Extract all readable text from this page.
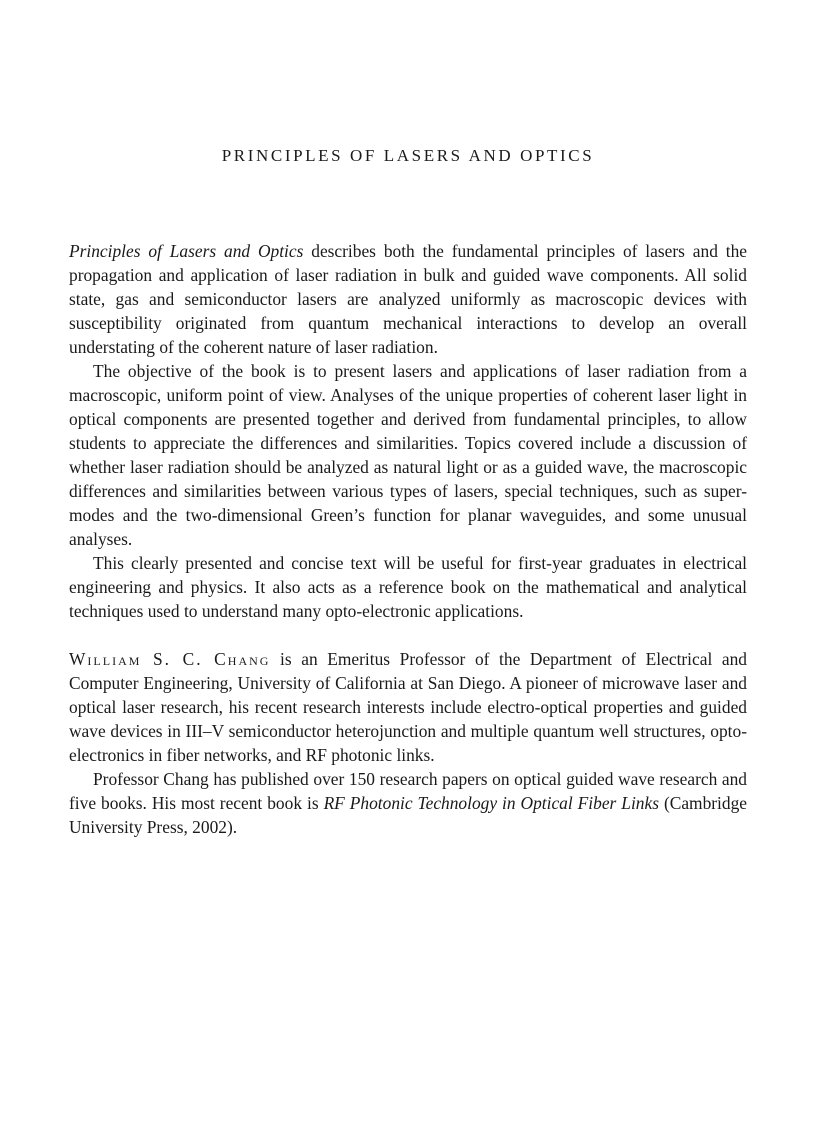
PRINCIPLES OF LASERS AND OPTICS

Principles of Lasers and Optics describes both the fundamental principles of lasers and the propagation and application of laser radiation in bulk and guided wave components. All solid state, gas and semiconductor lasers are analyzed uniformly as macroscopic devices with susceptibility originated from quantum mechanical interactions to develop an overall understating of the coherent nature of laser radiation.

The objective of the book is to present lasers and applications of laser radiation from a macroscopic, uniform point of view. Analyses of the unique properties of coherent laser light in optical components are presented together and derived from fundamental principles, to allow students to appreciate the differences and similarities. Topics covered include a discussion of whether laser radiation should be analyzed as natural light or as a guided wave, the macroscopic differences and similarities between various types of lasers, special techniques, such as super-modes and the two-dimensional Green’s function for planar waveguides, and some unusual analyses.

This clearly presented and concise text will be useful for first-year graduates in electrical engineering and physics. It also acts as a reference book on the mathematical and analytical techniques used to understand many opto-electronic applications.

William S. C. Chang is an Emeritus Professor of the Department of Electrical and Computer Engineering, University of California at San Diego. A pioneer of microwave laser and optical laser research, his recent research interests include electro-optical properties and guided wave devices in III–V semiconductor heterojunction and multiple quantum well structures, opto-electronics in fiber networks, and RF photonic links.

Professor Chang has published over 150 research papers on optical guided wave research and five books. His most recent book is RF Photonic Technology in Optical Fiber Links (Cambridge University Press, 2002).
